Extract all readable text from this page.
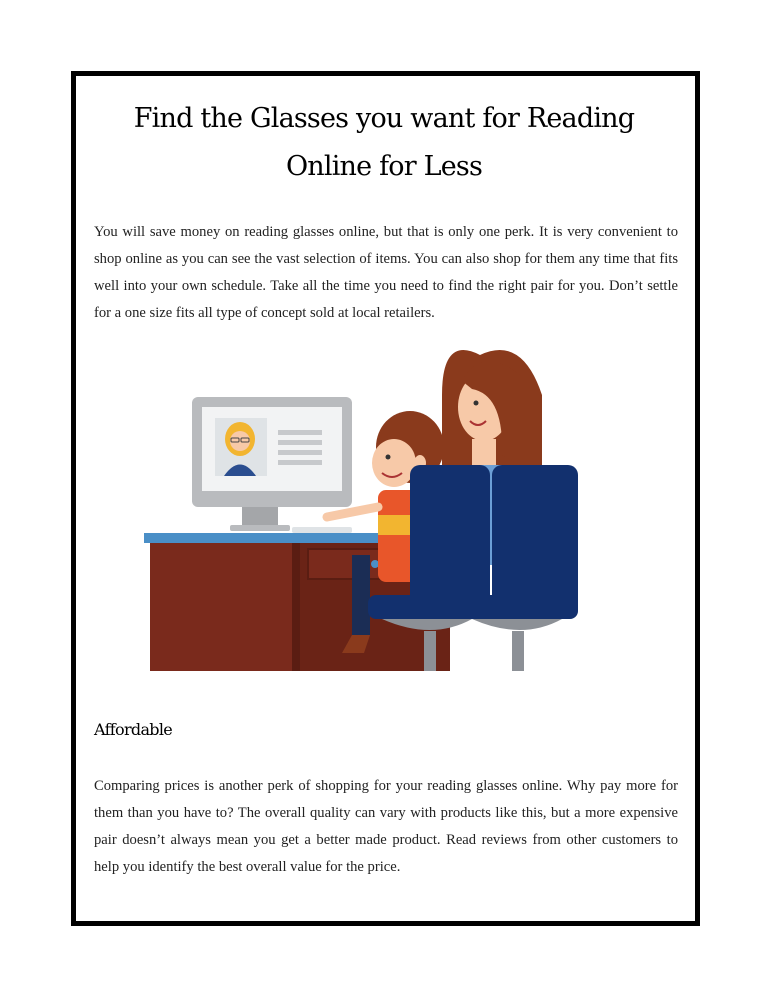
Find the Glasses you want for Reading Online for Less

You will save money on reading glasses online, but that is only one perk. It is very convenient to shop online as you can see the vast selection of items. You can also shop for them any time that fits well into your own schedule. Take all the time you need to find the right pair for you. Don’t settle for a one size fits all type of concept sold at local retailers.

Affordable

Comparing prices is another perk of shopping for your reading glasses online. Why pay more for them than you have to? The overall quality can vary with products like this, but a more expensive pair doesn’t always mean you get a better made product. Read reviews from other customers to help you identify the best overall value for the price.
